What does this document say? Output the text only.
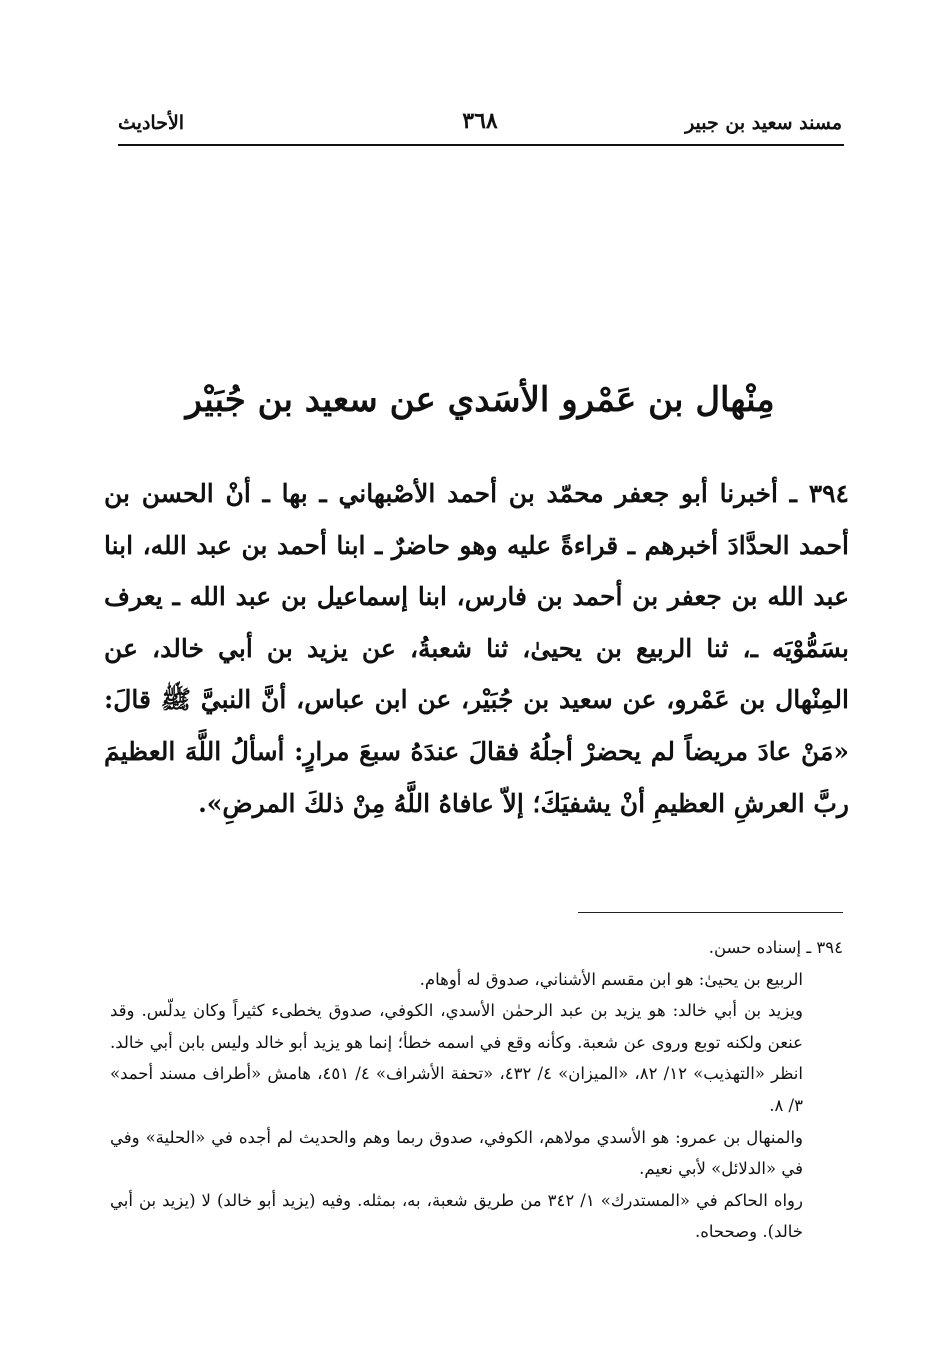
مسند سعيد بن جبير
٣٦٨
الأحاديث
مِنْهال بن عَمْرو الأسَدي عن سعيد بن جُبَيْر

٣٩٤ ـ أخبرنا أبو جعفر محمّد بن أحمد الأصْبهاني ـ بها ـ أنْ الحسن بن أحمد الحدَّادَ أخبرهم ـ قراءةً عليه وهو حاضرٌ ـ ابنا أحمد بن عبد الله، ابنا عبد الله بن جعفر بن أحمد بن فارس، ابنا إسماعيل بن عبد الله ـ يعرف بسَمُّوْيَه ـ، ثنا الربيع بن يحيىٰ، ثنا شعبةُ، عن يزيد بن أبي خالد، عن المِنْهال بن عَمْرو، عن سعيد بن جُبَيْر، عن ابن عباس، أنَّ النبيَّ ﷺ قالَ: «مَنْ عادَ مريضاً لم يحضرْ أجلُهُ فقالَ عندَهُ سبعَ مرارٍ: أسألُ اللَّهَ العظيمَ ربَّ العرشِ العظيمِ أنْ يشفيَكَ؛ إلاّ عافاهُ اللَّهُ مِنْ ذلكَ المرضِ».

٣٩٤ ـ إسناده حسن.

الربيع بن يحيىٰ: هو ابن مقسم الأشناني، صدوق له أوهام.

ويزيد بن أبي خالد: هو يزيد بن عبد الرحمٰن الأسدي، الكوفي، صدوق يخطىء كثيراً وكان يدلّس. وقد عنعن ولكنه توبع وروى عن شعبة. وكأنه وقع في اسمه خطأ؛ إنما هو يزيد أبو خالد وليس بابن أبي خالد. انظر «التهذيب» ١٢/ ٨٢، «الميزان» ٤/ ٤٣٢، «تحفة الأشراف» ٤/ ٤٥١، هامش «أطراف مسند أحمد» ٣/ ٨.

والمنهال بن عمرو: هو الأسدي مولاهم، الكوفي، صدوق ربما وهم والحديث لم أجده في «الحلية» وفي في «الدلائل» لأبي نعيم.

رواه الحاكم في «المستدرك» ١/ ٣٤٢ من طريق شعبة، به، بمثله. وفيه (يزيد أبو خالد) لا (يزيد بن أبي خالد). وصححاه.
